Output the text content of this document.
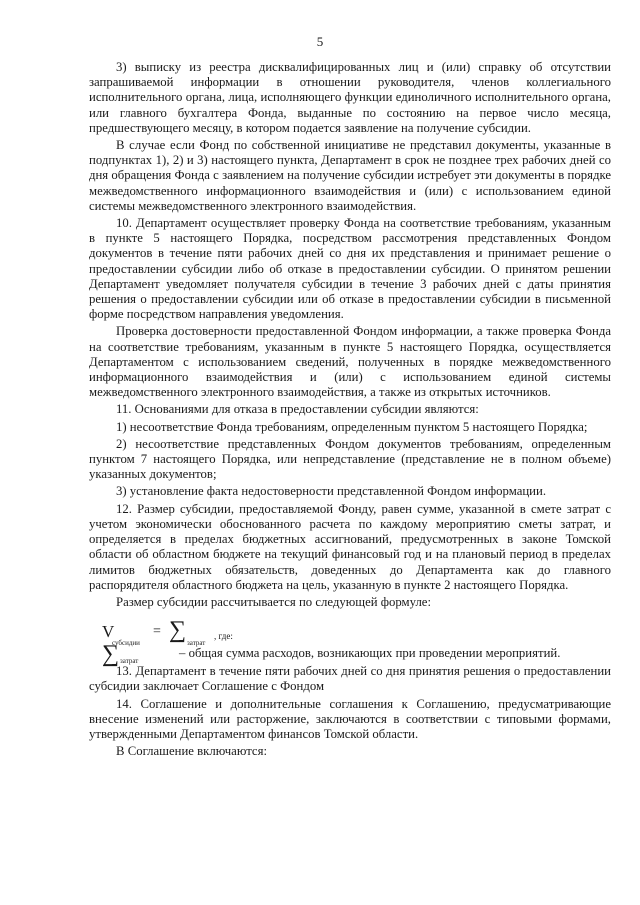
5

3) выписку из реестра дисквалифицированных лиц и (или) справку об отсутствии запрашиваемой информации в отношении руководителя, членов коллегиального исполнительного органа, лица, исполняющего функции единоличного исполнительного органа, или главного бухгалтера Фонда, выданные по состоянию на первое число месяца, предшествующего месяцу, в котором подается заявление на получение субсидии.

В случае если Фонд по собственной инициативе не представил документы, указанные в подпунктах 1), 2) и 3) настоящего пункта, Департамент в срок не позднее трех рабочих дней со дня обращения Фонда с заявлением на получение субсидии истребует эти документы в порядке межведомственного информационного взаимодействия и (или) с использованием единой системы межведомственного электронного взаимодействия.

10. Департамент осуществляет проверку Фонда на соответствие требованиям, указанным в пункте 5 настоящего Порядка, посредством рассмотрения представленных Фондом документов в течение пяти рабочих дней со дня их представления и принимает решение о предоставлении субсидии либо об отказе в предоставлении субсидии. О принятом решении Департамент уведомляет получателя субсидии в течение 3 рабочих дней с даты принятия решения о предоставлении субсидии или об отказе в предоставлении субсидии в письменной форме посредством направления уведомления.

Проверка достоверности предоставленной Фондом информации, а также проверка Фонда на соответствие требованиям, указанным в пункте 5 настоящего Порядка, осуществляется Департаментом с использованием сведений, полученных в порядке межведомственного информационного взаимодействия и (или) с использованием единой системы межведомственного электронного взаимодействия, а также из открытых источников.

11. Основаниями для отказа в предоставлении субсидии являются:

1) несоответствие Фонда требованиям, определенным пунктом 5 настоящего Порядка;

2) несоответствие представленных Фондом документов требованиям, определенным пунктом 7 настоящего Порядка, или непредставление (представление не в полном объеме) указанных документов;

3) установление факта недостоверности представленной Фондом информации.

12. Размер субсидии, предоставляемой Фонду, равен сумме, указанной в смете затрат с учетом экономически обоснованного расчета по каждому мероприятию сметы затрат, и определяется в пределах бюджетных ассигнований, предусмотренных в законе Томской области об областном бюджете на текущий финансовый год и на плановый период в пределах лимитов бюджетных обязательств, доведенных до Департамента как до главного распорядителя областного бюджета на цель, указанную в пункте 2 настоящего Порядка.

Размер субсидии рассчитывается по следующей формуле:

V
субсидии
= ∑ затрат
, где:
∑ затрат
– общая сумма расходов, возникающих при проведении мероприятий.

13. Департамент в течение пяти рабочих дней со дня принятия решения о предоставлении субсидии заключает Соглашение с Фондом

14. Соглашение и дополнительные соглашения к Соглашению, предусматривающие внесение изменений или расторжение, заключаются в соответствии с типовыми формами, утвержденными Департаментом финансов Томской области.

В Соглашение включаются:
